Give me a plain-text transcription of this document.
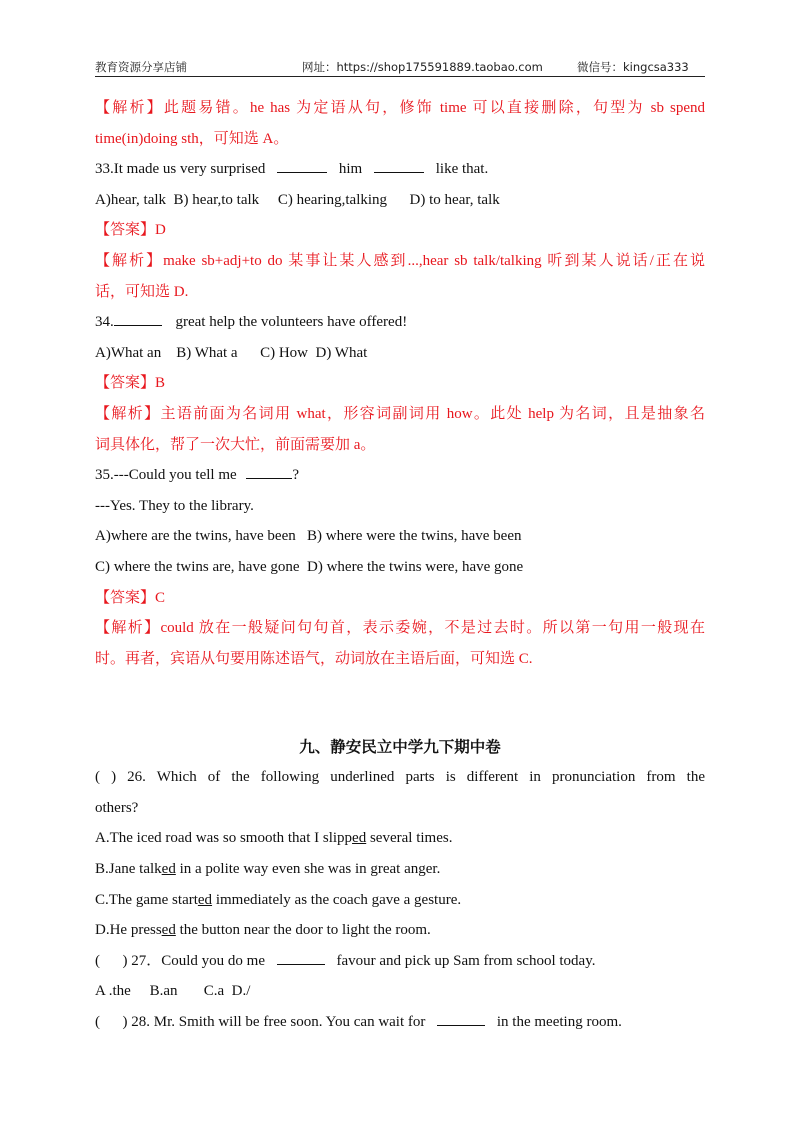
教育资源分享店铺	网址：https://shop175591889.taobao.com	微信号：kingcsa333
【解析】此题易错。he has 为定语从句，修饰 time 可以直接删除，句型为 sb spend
time(in)doing sth，可知选 A。
33.It made us very surprised	him	like that.
A)hear, talk  B) hear,to talk     C) hearing,talking      D) to hear, talk
【答案】D
【解析】make sb+adj+to do 某事让某人感到...,hear sb talk/talking 听到某人说话/正在说
话，可知选 D.
34.	great help the volunteers have offered!
A)What an    B) What a      C) How  D) What
【答案】B
【解析】主语前面为名词用 what，形容词副词用 how。此处 help 为名词，且是抽象名
词具体化，帮了一次大忙，前面需要加 a。
35.---Could you tell me	?
---Yes. They to the library.
A)where are the twins, have been   B) where were the twins, have been
C) where the twins are, have gone  D) where the twins were, have gone
【答案】C
【解析】could 放在一般疑问句句首，表示委婉，不是过去时。所以第一句用一般现在
时。再者，宾语从句要用陈述语气，动词放在主语后面，可知选 C.
九、静安民立中学九下期中卷
( ) 26. Which of the following underlined parts is different in pronunciation from the
others?
A.The iced road was so smooth that I slipped several times.
B.Jane talked in a polite way even she was in great anger.
C.The game started immediately as the coach gave a gesture.
D.He pressed the button near the door to light the room.
(      ) 27．Could you do me	favour and pick up Sam from school today.
A .the     B.an       C.a  D./
(      ) 28. Mr. Smith will be free soon. You can wait for	in the meeting room.
